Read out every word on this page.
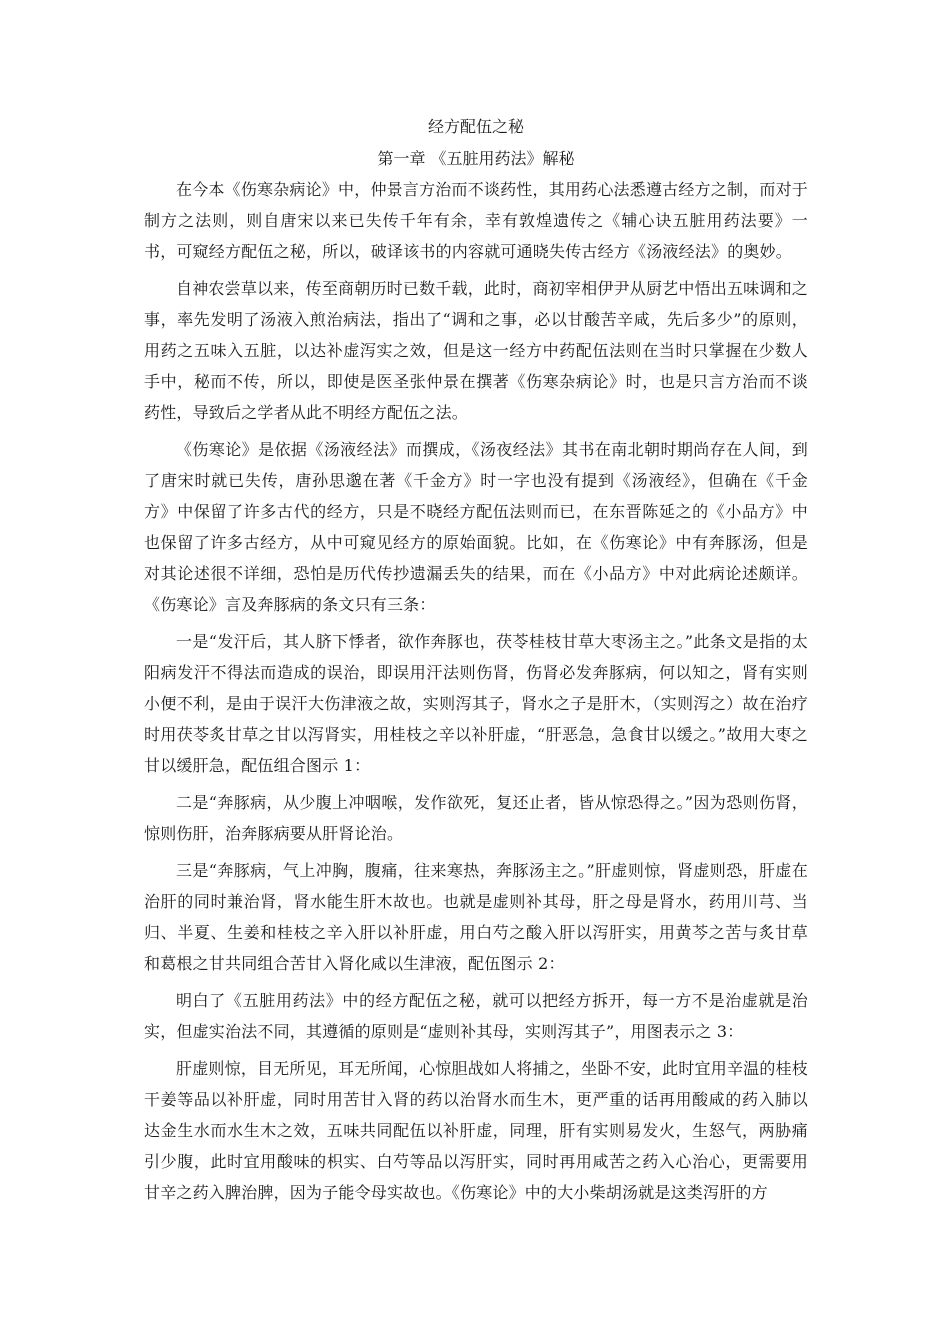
经方配伍之秘
第一章 《五脏用药法》解秘

在今本《伤寒杂病论》中，仲景言方治而不谈药性，其用药心法悉遵古经方之制，而对于制方之法则，则自唐宋以来已失传千年有余，幸有敦煌遗传之《辅心诀五脏用药法要》一书，可窥经方配伍之秘，所以，破译该书的内容就可通晓失传古经方《汤液经法》的奥妙。

自神农尝草以来，传至商朝历时已数千载，此时，商初宰相伊尹从厨艺中悟出五味调和之事，率先发明了汤液入煎治病法，指出了“调和之事，必以甘酸苦辛咸，先后多少”的原则，用药之五味入五脏，以达补虚泻实之效，但是这一经方中药配伍法则在当时只掌握在少数人手中，秘而不传，所以，即使是医圣张仲景在撰著《伤寒杂病论》时，也是只言方治而不谈药性，导致后之学者从此不明经方配伍之法。

《伤寒论》是依据《汤液经法》而撰成，《汤夜经法》其书在南北朝时期尚存在人间，到了唐宋时就已失传，唐孙思邈在著《千金方》时一字也没有提到《汤液经》，但确在《千金方》中保留了许多古代的经方，只是不晓经方配伍法则而已，在东晋陈延之的《小品方》中也保留了许多古经方，从中可窥见经方的原始面貌。比如，在《伤寒论》中有奔豚汤，但是对其论述很不详细，恐怕是历代传抄遗漏丢失的结果，而在《小品方》中对此病论述颇详。《伤寒论》言及奔豚病的条文只有三条：

一是“发汗后，其人脐下悸者，欲作奔豚也，茯苓桂枝甘草大枣汤主之。”此条文是指的太阳病发汗不得法而造成的误治，即误用汗法则伤肾，伤肾必发奔豚病，何以知之，肾有实则小便不利，是由于误汗大伤津液之故，实则泻其子，肾水之子是肝木，（实则泻之）故在治疗时用茯苓炙甘草之甘以泻肾实，用桂枝之辛以补肝虚，“肝恶急，急食甘以缓之。”故用大枣之甘以缓肝急，配伍组合图示 1：

二是“奔豚病，从少腹上冲咽喉，发作欲死，复还止者，皆从惊恐得之。”因为恐则伤肾，惊则伤肝，治奔豚病要从肝肾论治。

三是“奔豚病，气上冲胸，腹痛，往来寒热，奔豚汤主之。”肝虚则惊，肾虚则恐，肝虚在治肝的同时兼治肾，肾水能生肝木故也。也就是虚则补其母，肝之母是肾水，药用川芎、当归、半夏、生姜和桂枝之辛入肝以补肝虚，用白芍之酸入肝以泻肝实，用黄芩之苦与炙甘草和葛根之甘共同组合苦甘入肾化咸以生津液，配伍图示 2：

明白了《五脏用药法》中的经方配伍之秘，就可以把经方拆开，每一方不是治虚就是治实，但虚实治法不同，其遵循的原则是“虚则补其母，实则泻其子”，用图表示之 3：

肝虚则惊，目无所见，耳无所闻，心惊胆战如人将捕之，坐卧不安，此时宜用辛温的桂枝干姜等品以补肝虚，同时用苦甘入肾的药以治肾水而生木，更严重的话再用酸咸的药入肺以达金生水而水生木之效，五味共同配伍以补肝虚，同理，肝有实则易发火，生怒气，两胁痛引少腹，此时宜用酸味的枳实、白芍等品以泻肝实，同时再用咸苦之药入心治心，更需要用甘辛之药入脾治脾，因为子能令母实故也。《伤寒论》中的大小柴胡汤就是这类泻肝的方
